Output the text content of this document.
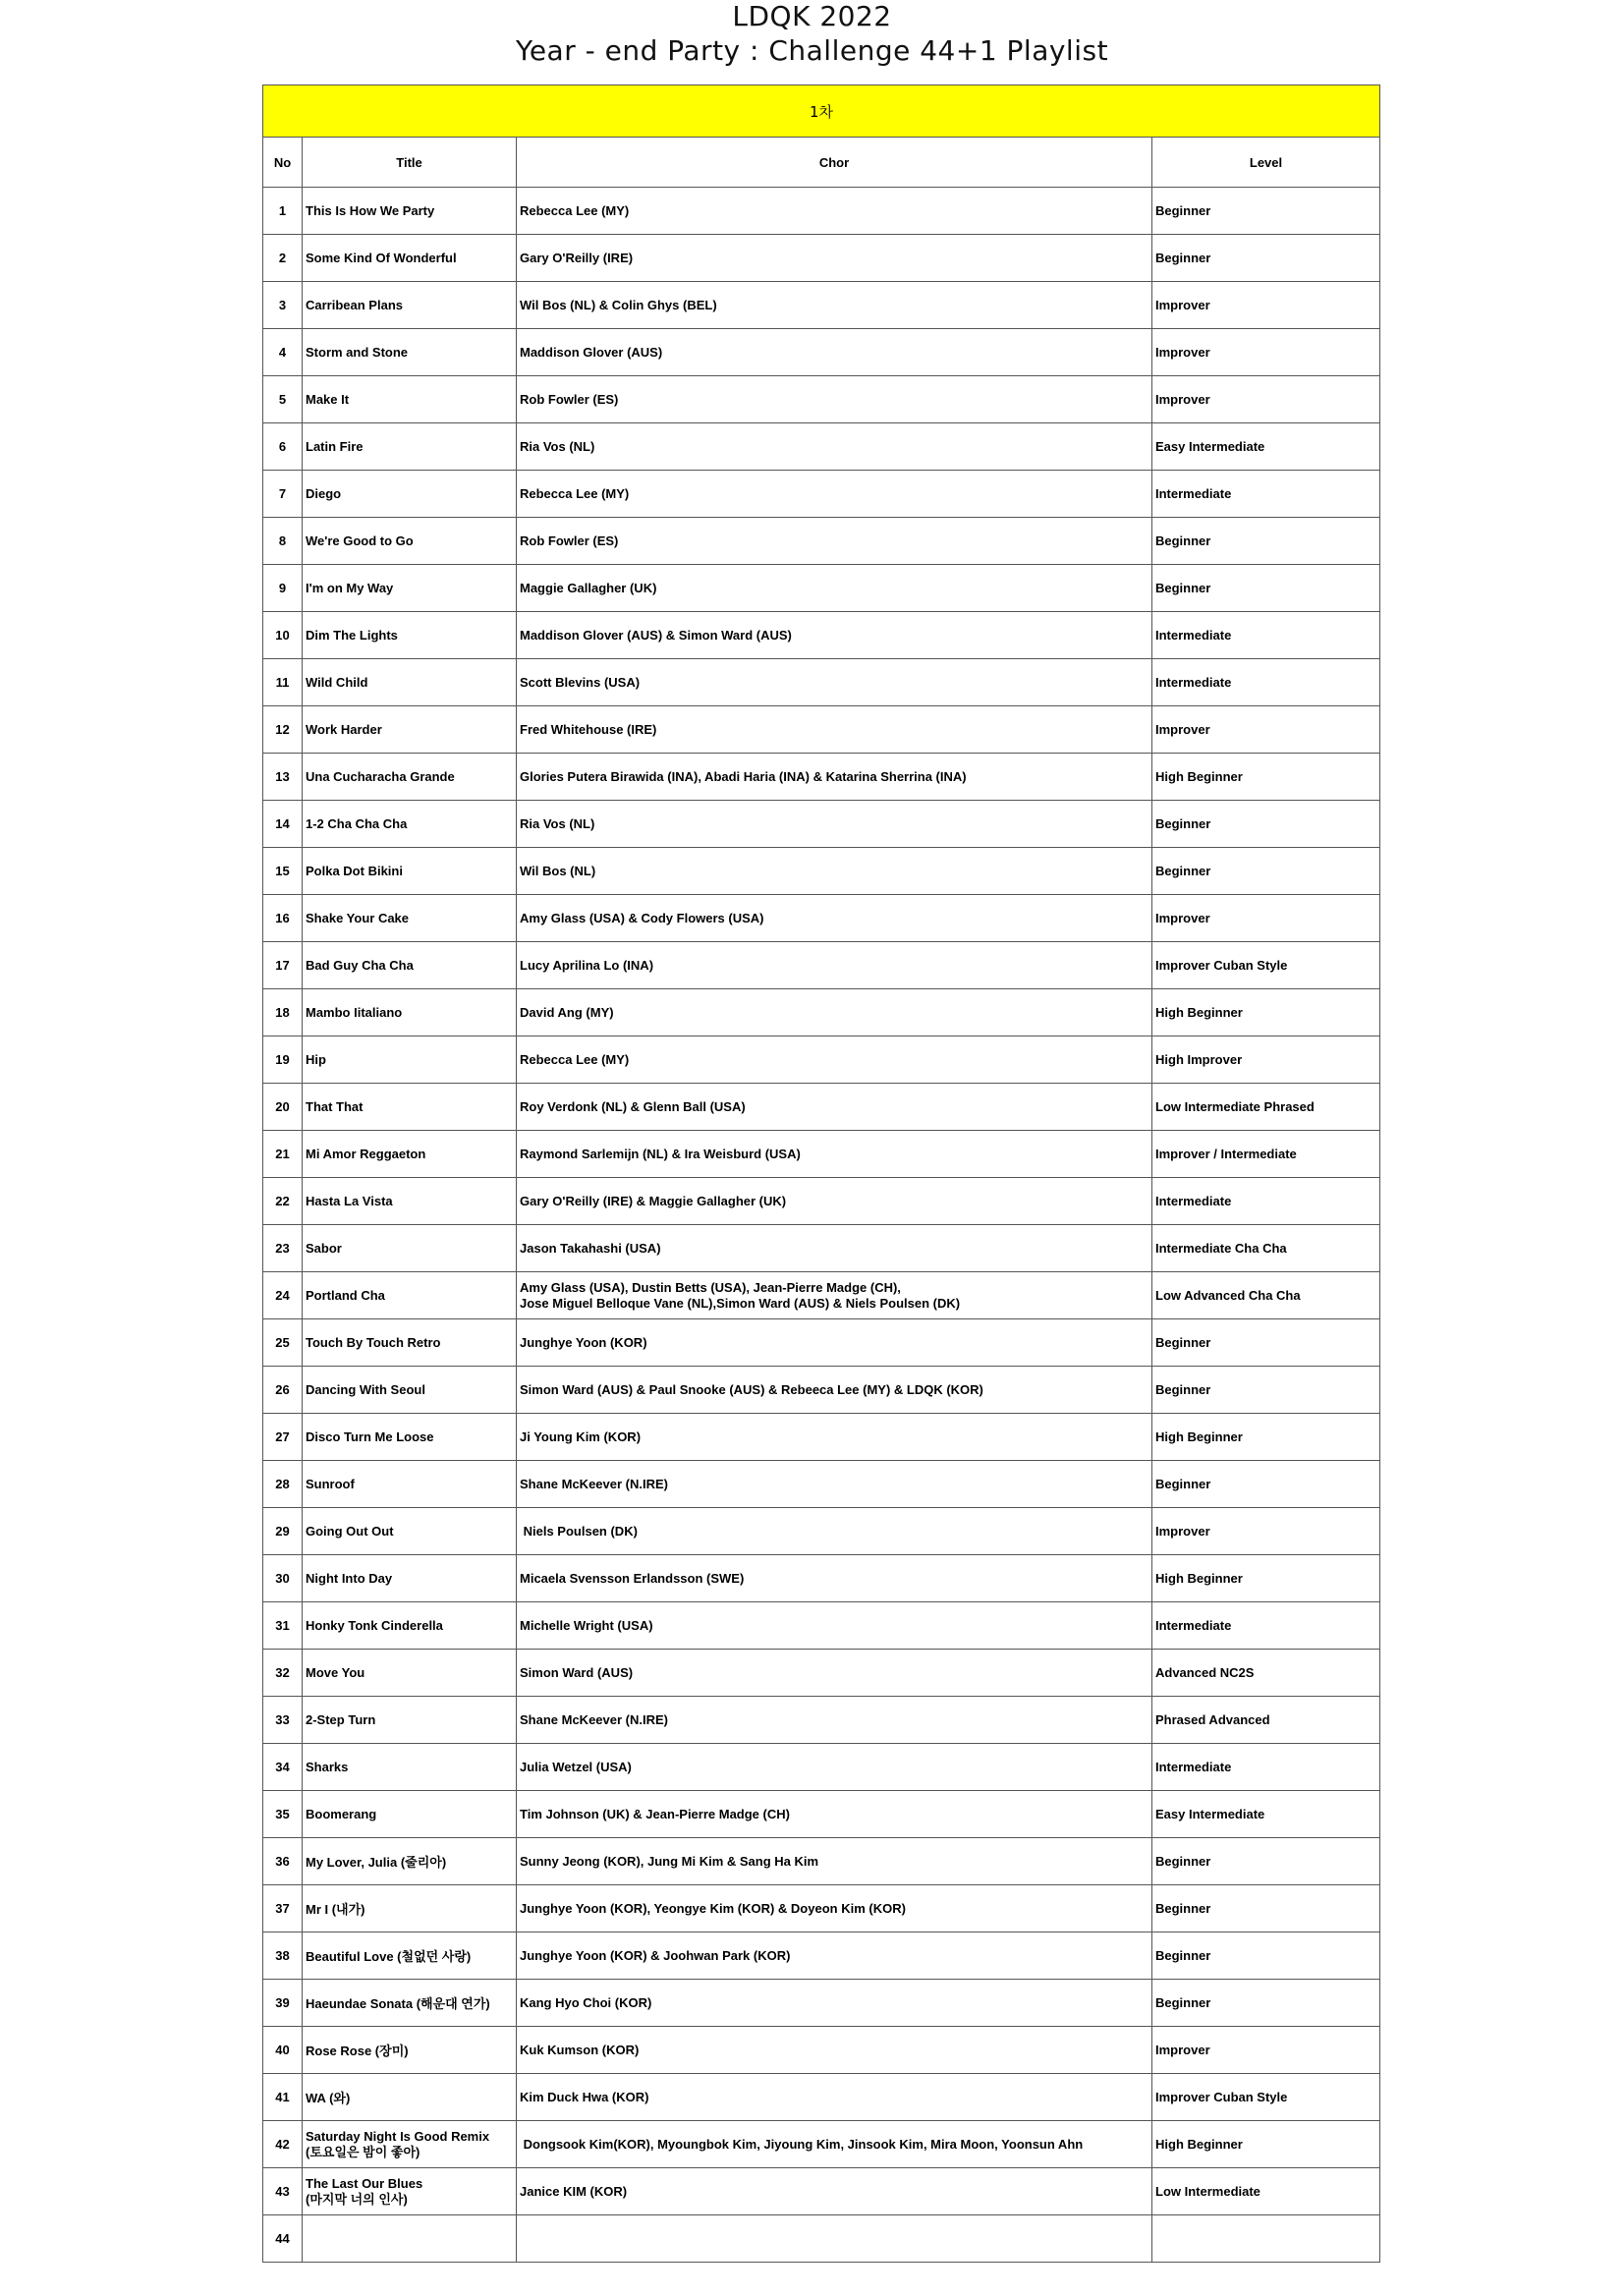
LDQK 2022
Year - end Party : Challenge 44+1 Playlist
1차			
No	Title	Chor	Level
1	This Is How We Party	Rebecca Lee (MY)	Beginner
2	Some Kind Of Wonderful	Gary O'Reilly (IRE)	Beginner
3	Carribean Plans	Wil Bos (NL) & Colin Ghys (BEL)	Improver
4	Storm and Stone	Maddison Glover (AUS)	Improver
5	Make It	Rob Fowler (ES)	Improver
6	Latin Fire	Ria Vos (NL)	Easy Intermediate
7	Diego	Rebecca Lee (MY)	Intermediate
8	We're Good to Go	Rob Fowler (ES)	Beginner
9	I'm on My Way	Maggie Gallagher (UK)	Beginner
10	Dim The Lights	Maddison Glover (AUS) & Simon Ward (AUS)	Intermediate
11	Wild Child	Scott Blevins (USA)	Intermediate
12	Work Harder	Fred Whitehouse (IRE)	Improver
13	Una Cucharacha Grande	Glories Putera Birawida (INA), Abadi Haria (INA) & Katarina Sherrina (INA)	High Beginner
14	1-2 Cha Cha Cha	Ria Vos (NL)	Beginner
15	Polka Dot Bikini	Wil Bos (NL)	Beginner
16	Shake Your Cake	Amy Glass (USA) & Cody Flowers (USA)	Improver
17	Bad Guy Cha Cha	Lucy Aprilina Lo (INA)	Improver Cuban Style
18	Mambo Iitaliano	David Ang (MY)	High Beginner
19	Hip	Rebecca Lee (MY)	High Improver
20	That That	Roy Verdonk (NL) & Glenn Ball (USA)	Low Intermediate Phrased
21	Mi Amor Reggaeton	Raymond Sarlemijn (NL) & Ira Weisburd (USA)	Improver / Intermediate
22	Hasta La Vista	Gary O'Reilly (IRE) & Maggie Gallagher (UK)	Intermediate
23	Sabor	Jason Takahashi (USA)	Intermediate Cha Cha
24	Portland Cha	Amy Glass (USA), Dustin Betts (USA), Jean-Pierre Madge (CH),
Jose Miguel Belloque Vane (NL),Simon Ward (AUS) & Niels Poulsen (DK)	Low Advanced Cha Cha
25	Touch By Touch Retro	Junghye Yoon (KOR)	Beginner
26	Dancing With Seoul	Simon Ward (AUS) & Paul Snooke (AUS) & Rebeeca Lee (MY) & LDQK (KOR)	Beginner
27	Disco Turn Me Loose	Ji Young Kim (KOR)	High Beginner
28	Sunroof	Shane McKeever (N.IRE)	Beginner
29	Going Out Out	Niels Poulsen (DK)	Improver
30	Night Into Day	Micaela Svensson Erlandsson (SWE)	High Beginner
31	Honky Tonk Cinderella	Michelle Wright (USA)	Intermediate
32	Move You	Simon Ward (AUS)	Advanced NC2S
33	2-Step Turn	Shane McKeever (N.IRE)	Phrased Advanced
34	Sharks	Julia Wetzel (USA)	Intermediate
35	Boomerang	Tim Johnson (UK) & Jean-Pierre Madge (CH)	Easy Intermediate
36	My Lover, Julia (줄리아)	Sunny Jeong (KOR), Jung Mi Kim & Sang Ha Kim	Beginner
37	Mr I (내가)	Junghye Yoon (KOR), Yeongye Kim (KOR) & Doyeon Kim (KOR)	Beginner
38	Beautiful Love (철없던 사랑)	Junghye Yoon (KOR) & Joohwan Park (KOR)	Beginner
39	Haeundae Sonata (해운대 연가)	Kang Hyo Choi (KOR)	Beginner
40	Rose Rose (장미)	Kuk Kumson (KOR)	Improver
41	WA (와)	Kim Duck Hwa (KOR)	Improver Cuban Style
42	Saturday Night Is Good Remix
(토요일은 밤이 좋아)	Dongsook Kim(KOR), Myoungbok Kim, Jiyoung Kim, Jinsook Kim, Mira Moon, Yoonsun Ahn	High Beginner
43	The Last Our Blues
(마지막 너의 인사)	Janice KIM (KOR)	Low Intermediate
44			
